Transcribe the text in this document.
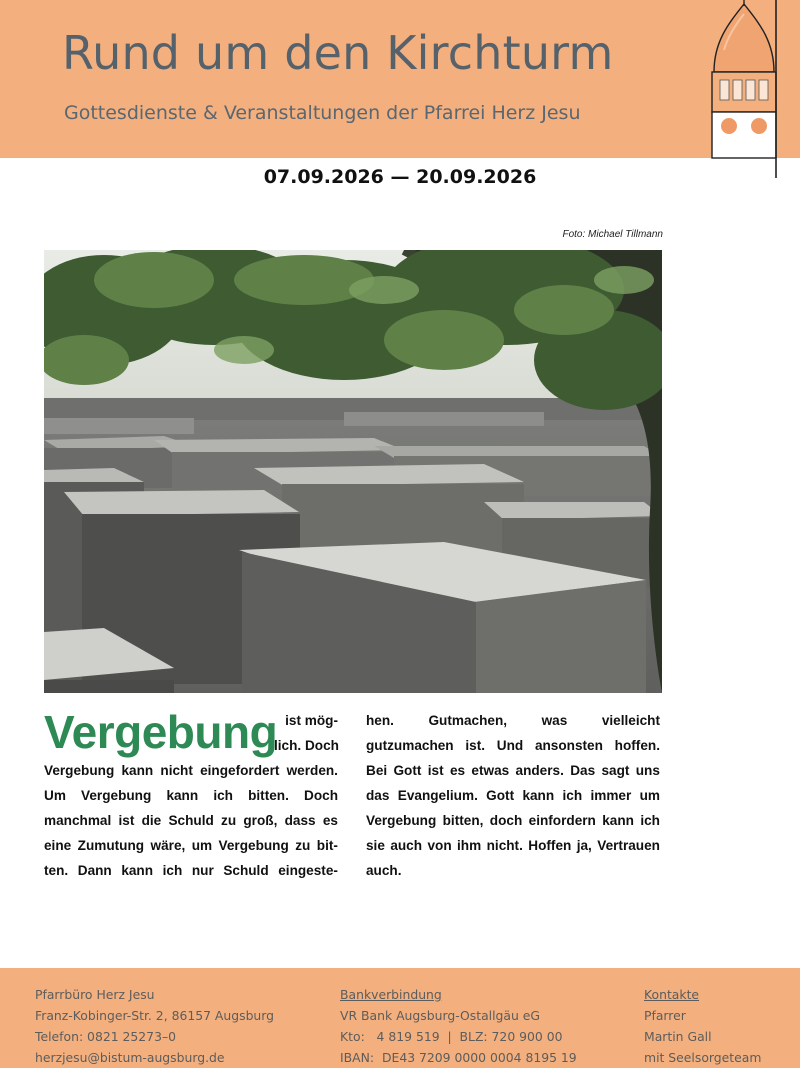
Rund um den Kirchturm
Gottesdienste & Veranstaltungen der Pfarrei Herz Jesu
07.09.2026 — 20.09.2026
Foto: Michael Tillmann
Vergebung ist mög-
lich. Doch
Vergebung kann nicht eingefordert werden.
Um Vergebung kann ich bitten. Doch
manchmal ist die Schuld zu groß, dass es
eine Zumutung wäre, um Vergebung zu bit-
ten. Dann kann ich nur Schuld eingeste-
hen.	Gutmachen,	was	vielleicht
gutzumachen ist. Und ansonsten hoffen.
Bei Gott ist es etwas anders. Das sagt uns
das Evangelium. Gott kann ich immer um
Vergebung bitten, doch einfordern kann ich
sie auch von ihm nicht. Hoffen ja, Vertrauen
auch.
Pfarrbüro Herz Jesu
Franz-Kobinger-Str. 2, 86157 Augsburg
Telefon: 0821 25273–0
herzjesu@bistum-augsburg.de
Bankverbindung
VR Bank Augsburg-Ostallgäu eG
Kto:   4 819 519  |  BLZ: 720 900 00
IBAN:  DE43 7209 0000 0004 8195 19
Kontakte
Pfarrer
Martin Gall
mit Seelsorgeteam
